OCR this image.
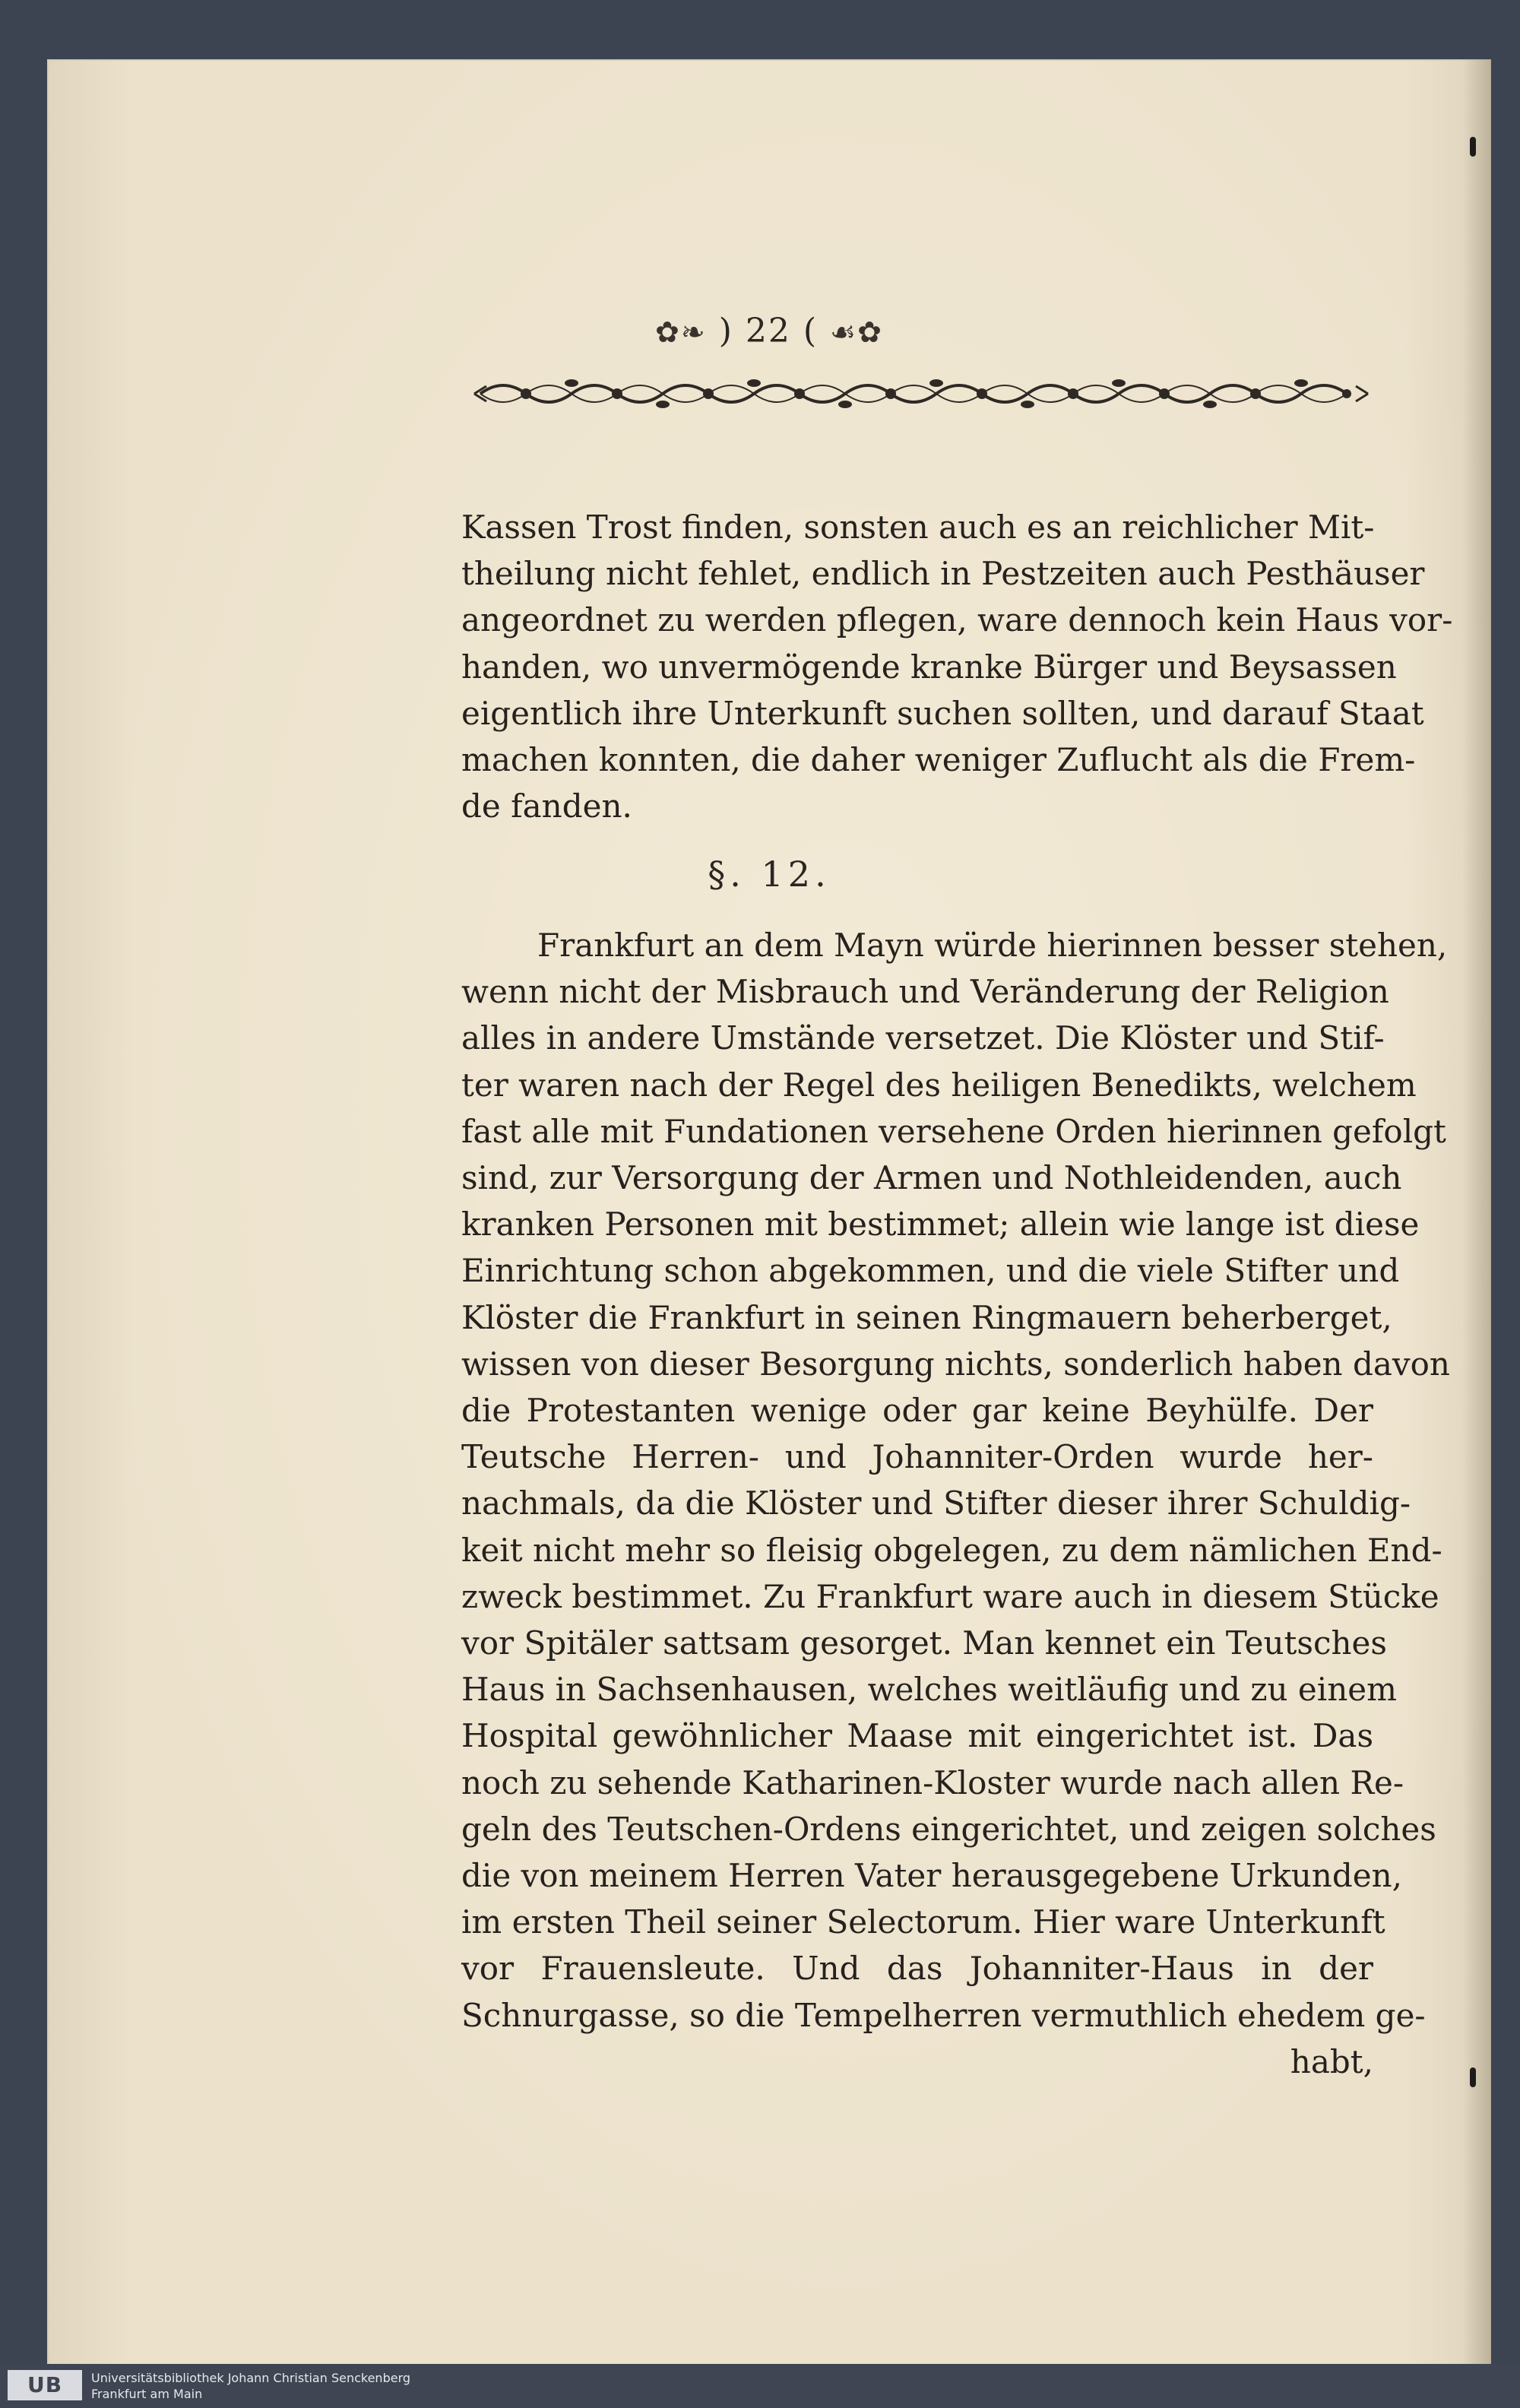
✿❧ ) 22 ( ☙✿
Kassen Trost finden, sonsten auch es an reichlicher Mit-
theilung nicht fehlet, endlich in Pestzeiten auch Pesthäuser
angeordnet zu werden pflegen, ware dennoch kein Haus vor-
handen, wo unvermögende kranke Bürger und Beysassen
eigentlich ihre Unterkunft suchen sollten, und darauf Staat
machen konnten, die daher weniger Zuflucht als die Frem-
de fanden.
§. 12.
Frankfurt an dem Mayn würde hierinnen besser stehen,
wenn nicht der Misbrauch und Veränderung der Religion
alles in andere Umstände versetzet. Die Klöster und Stif-
ter waren nach der Regel des heiligen Benedikts, welchem
fast alle mit Fundationen versehene Orden hierinnen gefolgt
sind, zur Versorgung der Armen und Nothleidenden, auch
kranken Personen mit bestimmet; allein wie lange ist diese
Einrichtung schon abgekommen, und die viele Stifter und
Klöster die Frankfurt in seinen Ringmauern beherberget,
wissen von dieser Besorgung nichts, sonderlich haben davon
die Protestanten wenige oder gar keine Beyhülfe. Der
Teutsche Herren- und Johanniter-Orden wurde her-
nachmals, da die Klöster und Stifter dieser ihrer Schuldig-
keit nicht mehr so fleisig obgelegen, zu dem nämlichen End-
zweck bestimmet. Zu Frankfurt ware auch in diesem Stücke
vor Spitäler sattsam gesorget. Man kennet ein Teutsches
Haus in Sachsenhausen, welches weitläufig und zu einem
Hospital gewöhnlicher Maase mit eingerichtet ist. Das
noch zu sehende Katharinen-Kloster wurde nach allen Re-
geln des Teutschen-Ordens eingerichtet, und zeigen solches
die von meinem Herren Vater herausgegebene Urkunden,
im ersten Theil seiner Selectorum. Hier ware Unterkunft
vor Frauensleute. Und das Johanniter-Haus in der
Schnurgasse, so die Tempelherren vermuthlich ehedem ge-
habt,
UB	Universitätsbibliothek Johann Christian Senckenberg
Frankfurt am Main
